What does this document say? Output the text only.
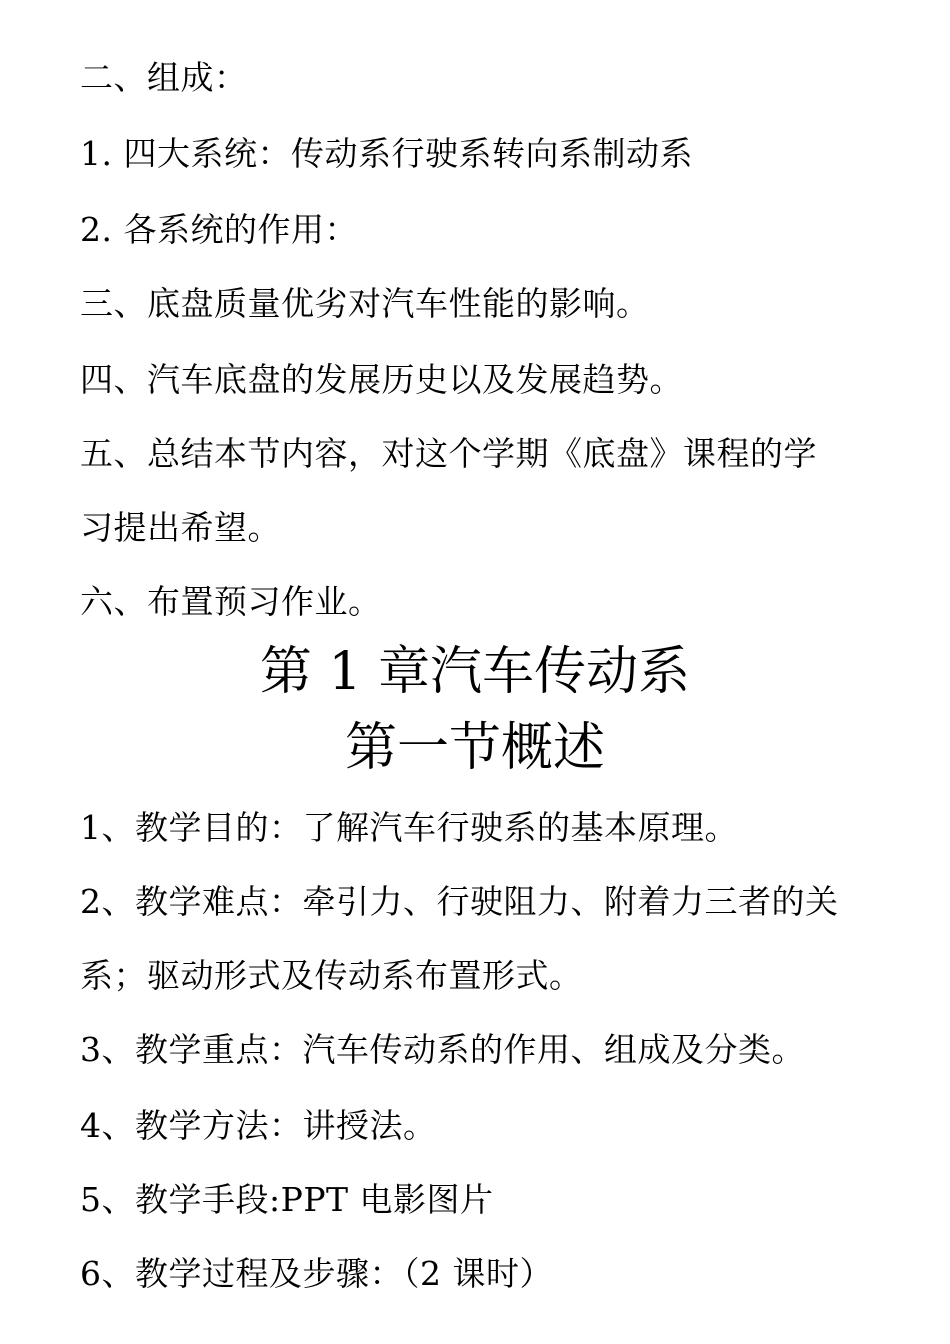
二、组成：
1. 四大系统：传动系行驶系转向系制动系
2. 各系统的作用：
三、底盘质量优劣对汽车性能的影响。
四、汽车底盘的发展历史以及发展趋势。
五、总结本节内容，对这个学期《底盘》课程的学
习提出希望。
六、布置预习作业。
第 1 章汽车传动系
第一节概述
1、教学目的：了解汽车行驶系的基本原理。
2、教学难点：牵引力、行驶阻力、附着力三者的关
系；驱动形式及传动系布置形式。
3、教学重点：汽车传动系的作用、组成及分类。
4、教学方法：讲授法。
5、教学手段:PPT 电影图片
6、教学过程及步骤：（2 课时）
